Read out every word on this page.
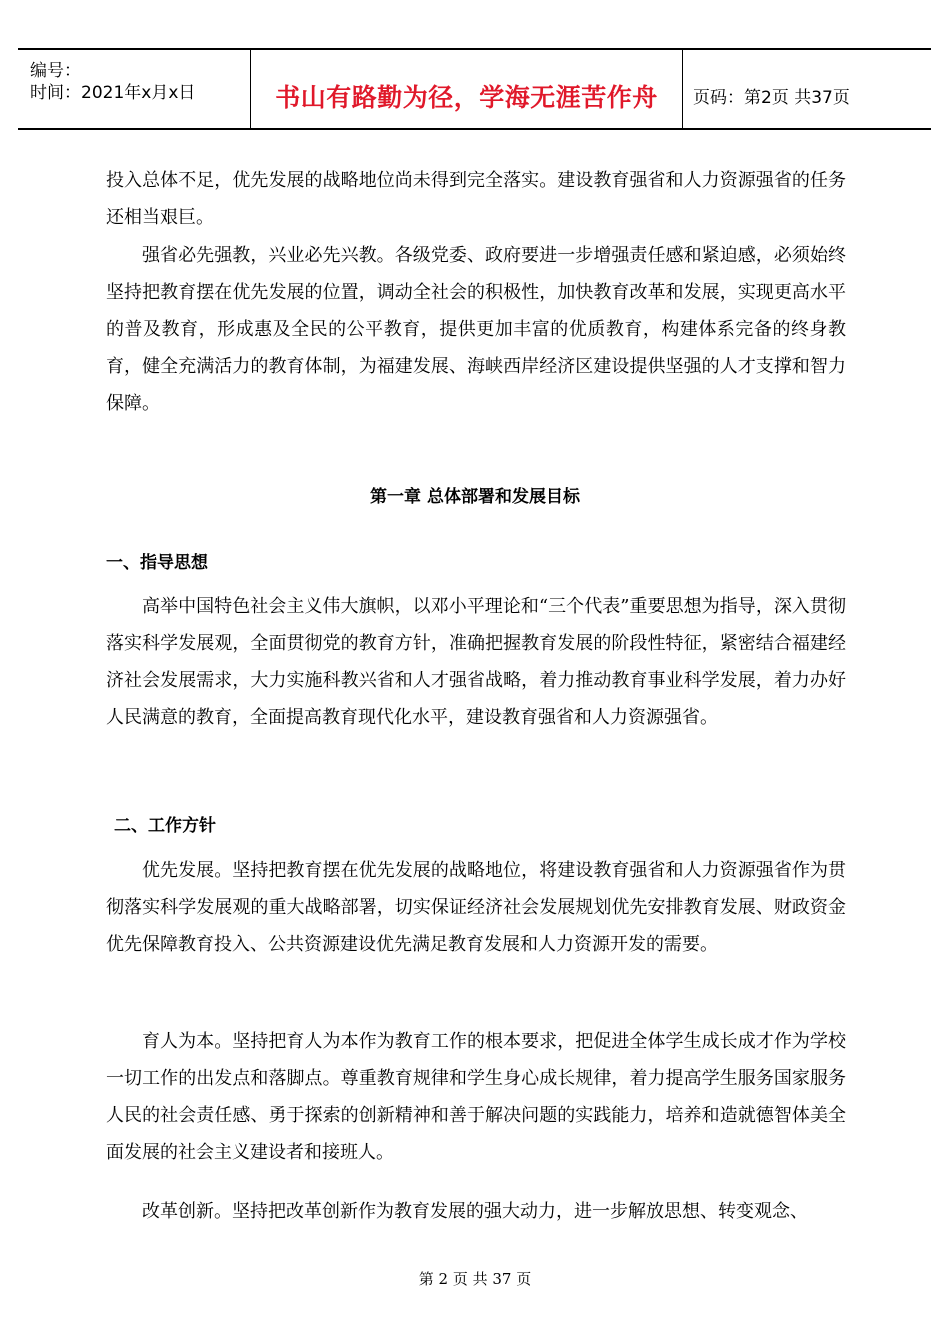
编号：
时间：2021年x月x日	书山有路勤为径，学海无涯苦作舟	页码：第2页 共37页

投入总体不足，优先发展的战略地位尚未得到完全落实。建设教育强省和人力资源强省的任务还相当艰巨。

强省必先强教，兴业必先兴教。各级党委、政府要进一步增强责任感和紧迫感，必须始终坚持把教育摆在优先发展的位置，调动全社会的积极性，加快教育改革和发展，实现更高水平的普及教育，形成惠及全民的公平教育，提供更加丰富的优质教育，构建体系完备的终身教育，健全充满活力的教育体制，为福建发展、海峡西岸经济区建设提供坚强的人才支撑和智力保障。

第一章 总体部署和发展目标
一、指导思想

高举中国特色社会主义伟大旗帜，以邓小平理论和“三个代表”重要思想为指导，深入贯彻落实科学发展观，全面贯彻党的教育方针，准确把握教育发展的阶段性特征，紧密结合福建经济社会发展需求，大力实施科教兴省和人才强省战略，着力推动教育事业科学发展，着力办好人民满意的教育，全面提高教育现代化水平，建设教育强省和人力资源强省。

二、工作方针

优先发展。坚持把教育摆在优先发展的战略地位，将建设教育强省和人力资源强省作为贯彻落实科学发展观的重大战略部署，切实保证经济社会发展规划优先安排教育发展、财政资金优先保障教育投入、公共资源建设优先满足教育发展和人力资源开发的需要。

育人为本。坚持把育人为本作为教育工作的根本要求，把促进全体学生成长成才作为学校一切工作的出发点和落脚点。尊重教育规律和学生身心成长规律，着力提高学生服务国家服务人民的社会责任感、勇于探索的创新精神和善于解决问题的实践能力，培养和造就德智体美全面发展的社会主义建设者和接班人。

改革创新。坚持把改革创新作为教育发展的强大动力，进一步解放思想、转变观念、

第 2 页 共 37 页
